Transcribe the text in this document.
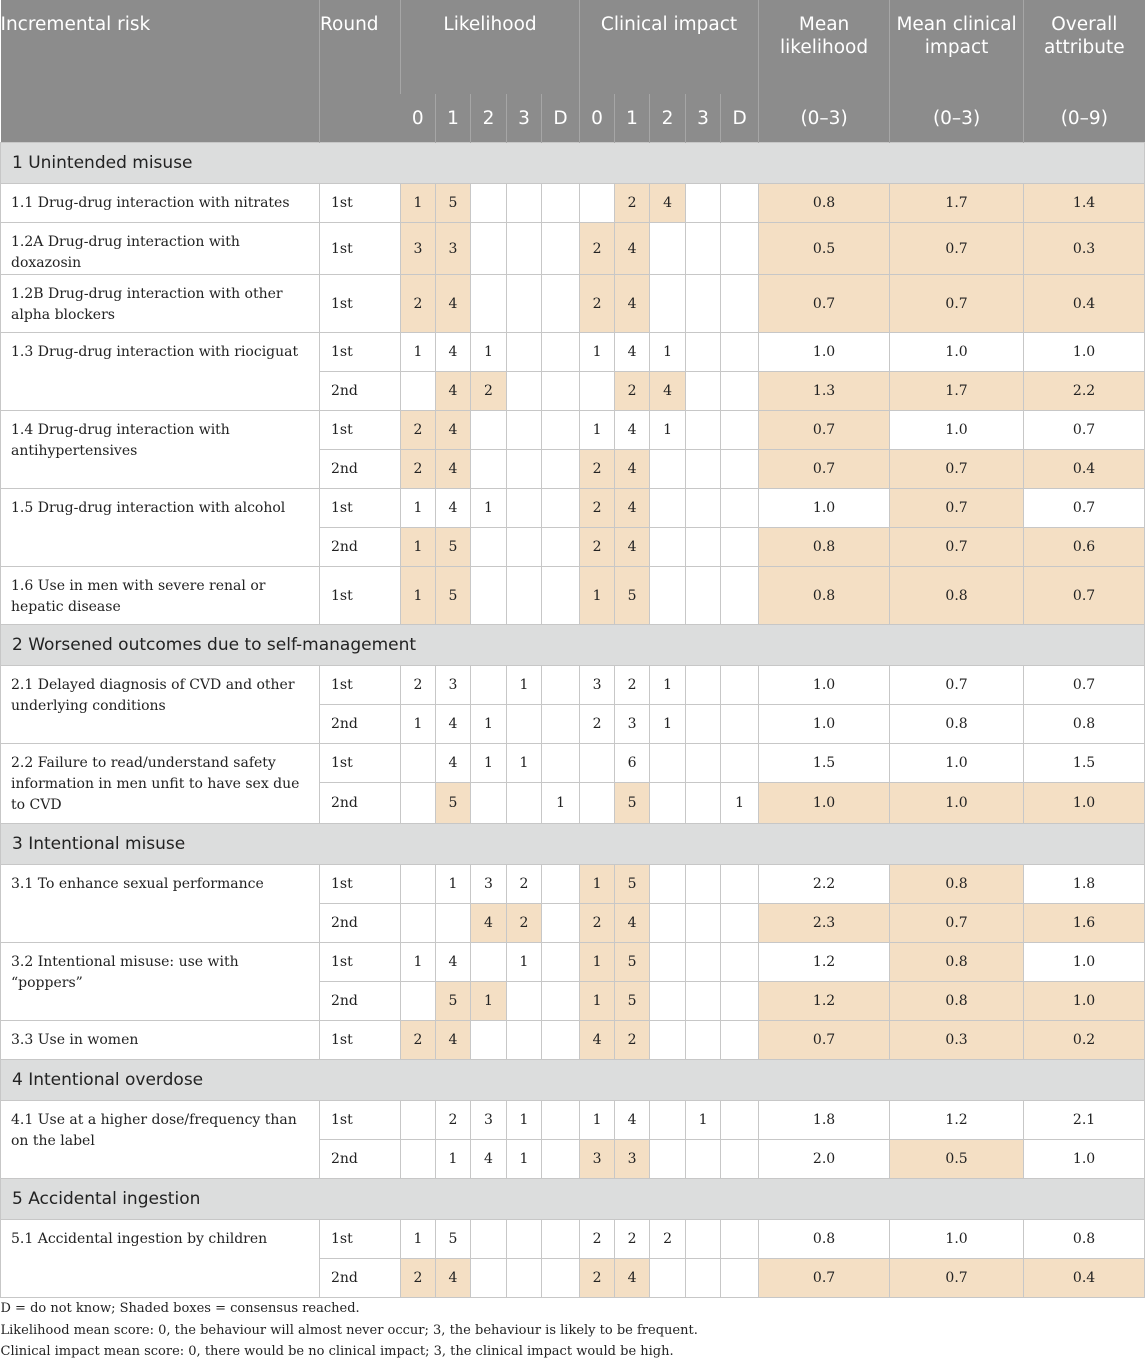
Incremental risk	Round	Likelihood					Clinical impact					Mean likelihood	Mean clinical impact	Overall attribute
		0	1	2	3	D	0	1	2	3	D	(0–3)	(0–3)	(0–9)
1 Unintended misuse														
1.1 Drug-drug interaction with nitrates	1st	1	5					2	4			0.8	1.7	1.4
1.2A Drug-drug interaction with doxazosin	1st	3	3				2	4				0.5	0.7	0.3
1.2B Drug-drug interaction with other alpha blockers	1st	2	4				2	4				0.7	0.7	0.4
1.3 Drug-drug interaction with riociguat	1st	1	4	1			1	4	1			1.0	1.0	1.0
	2nd		4	2				2	4			1.3	1.7	2.2
1.4 Drug-drug interaction with antihypertensives	1st	2	4				1	4	1			0.7	1.0	0.7
	2nd	2	4				2	4				0.7	0.7	0.4
1.5 Drug-drug interaction with alcohol	1st	1	4	1			2	4				1.0	0.7	0.7
	2nd	1	5				2	4				0.8	0.7	0.6
1.6 Use in men with severe renal or hepatic disease	1st	1	5				1	5				0.8	0.8	0.7
2 Worsened outcomes due to self-management														
2.1 Delayed diagnosis of CVD and other underlying conditions	1st	2	3		1		3	2	1			1.0	0.7	0.7
	2nd	1	4	1			2	3	1			1.0	0.8	0.8
2.2 Failure to read/understand safety information in men unfit to have sex due to CVD	1st		4	1	1			6				1.5	1.0	1.5
	2nd		5			1		5			1	1.0	1.0	1.0
3 Intentional misuse														
3.1 To enhance sexual performance	1st		1	3	2		1	5				2.2	0.8	1.8
	2nd			4	2		2	4				2.3	0.7	1.6
3.2 Intentional misuse: use with “poppers”	1st	1	4		1		1	5				1.2	0.8	1.0
	2nd		5	1			1	5				1.2	0.8	1.0
3.3 Use in women	1st	2	4				4	2				0.7	0.3	0.2
4 Intentional overdose														
4.1 Use at a higher dose/frequency than on the label	1st		2	3	1		1	4		1		1.8	1.2	2.1
	2nd		1	4	1		3	3				2.0	0.5	1.0
5 Accidental ingestion														
5.1 Accidental ingestion by children	1st	1	5				2	2	2			0.8	1.0	0.8
	2nd	2	4				2	4				0.7	0.7	0.4

D = do not know; Shaded boxes = consensus reached.
Likelihood mean score: 0, the behaviour will almost never occur; 3, the behaviour is likely to be frequent.
Clinical impact mean score: 0, there would be no clinical impact; 3, the clinical impact would be high.														
